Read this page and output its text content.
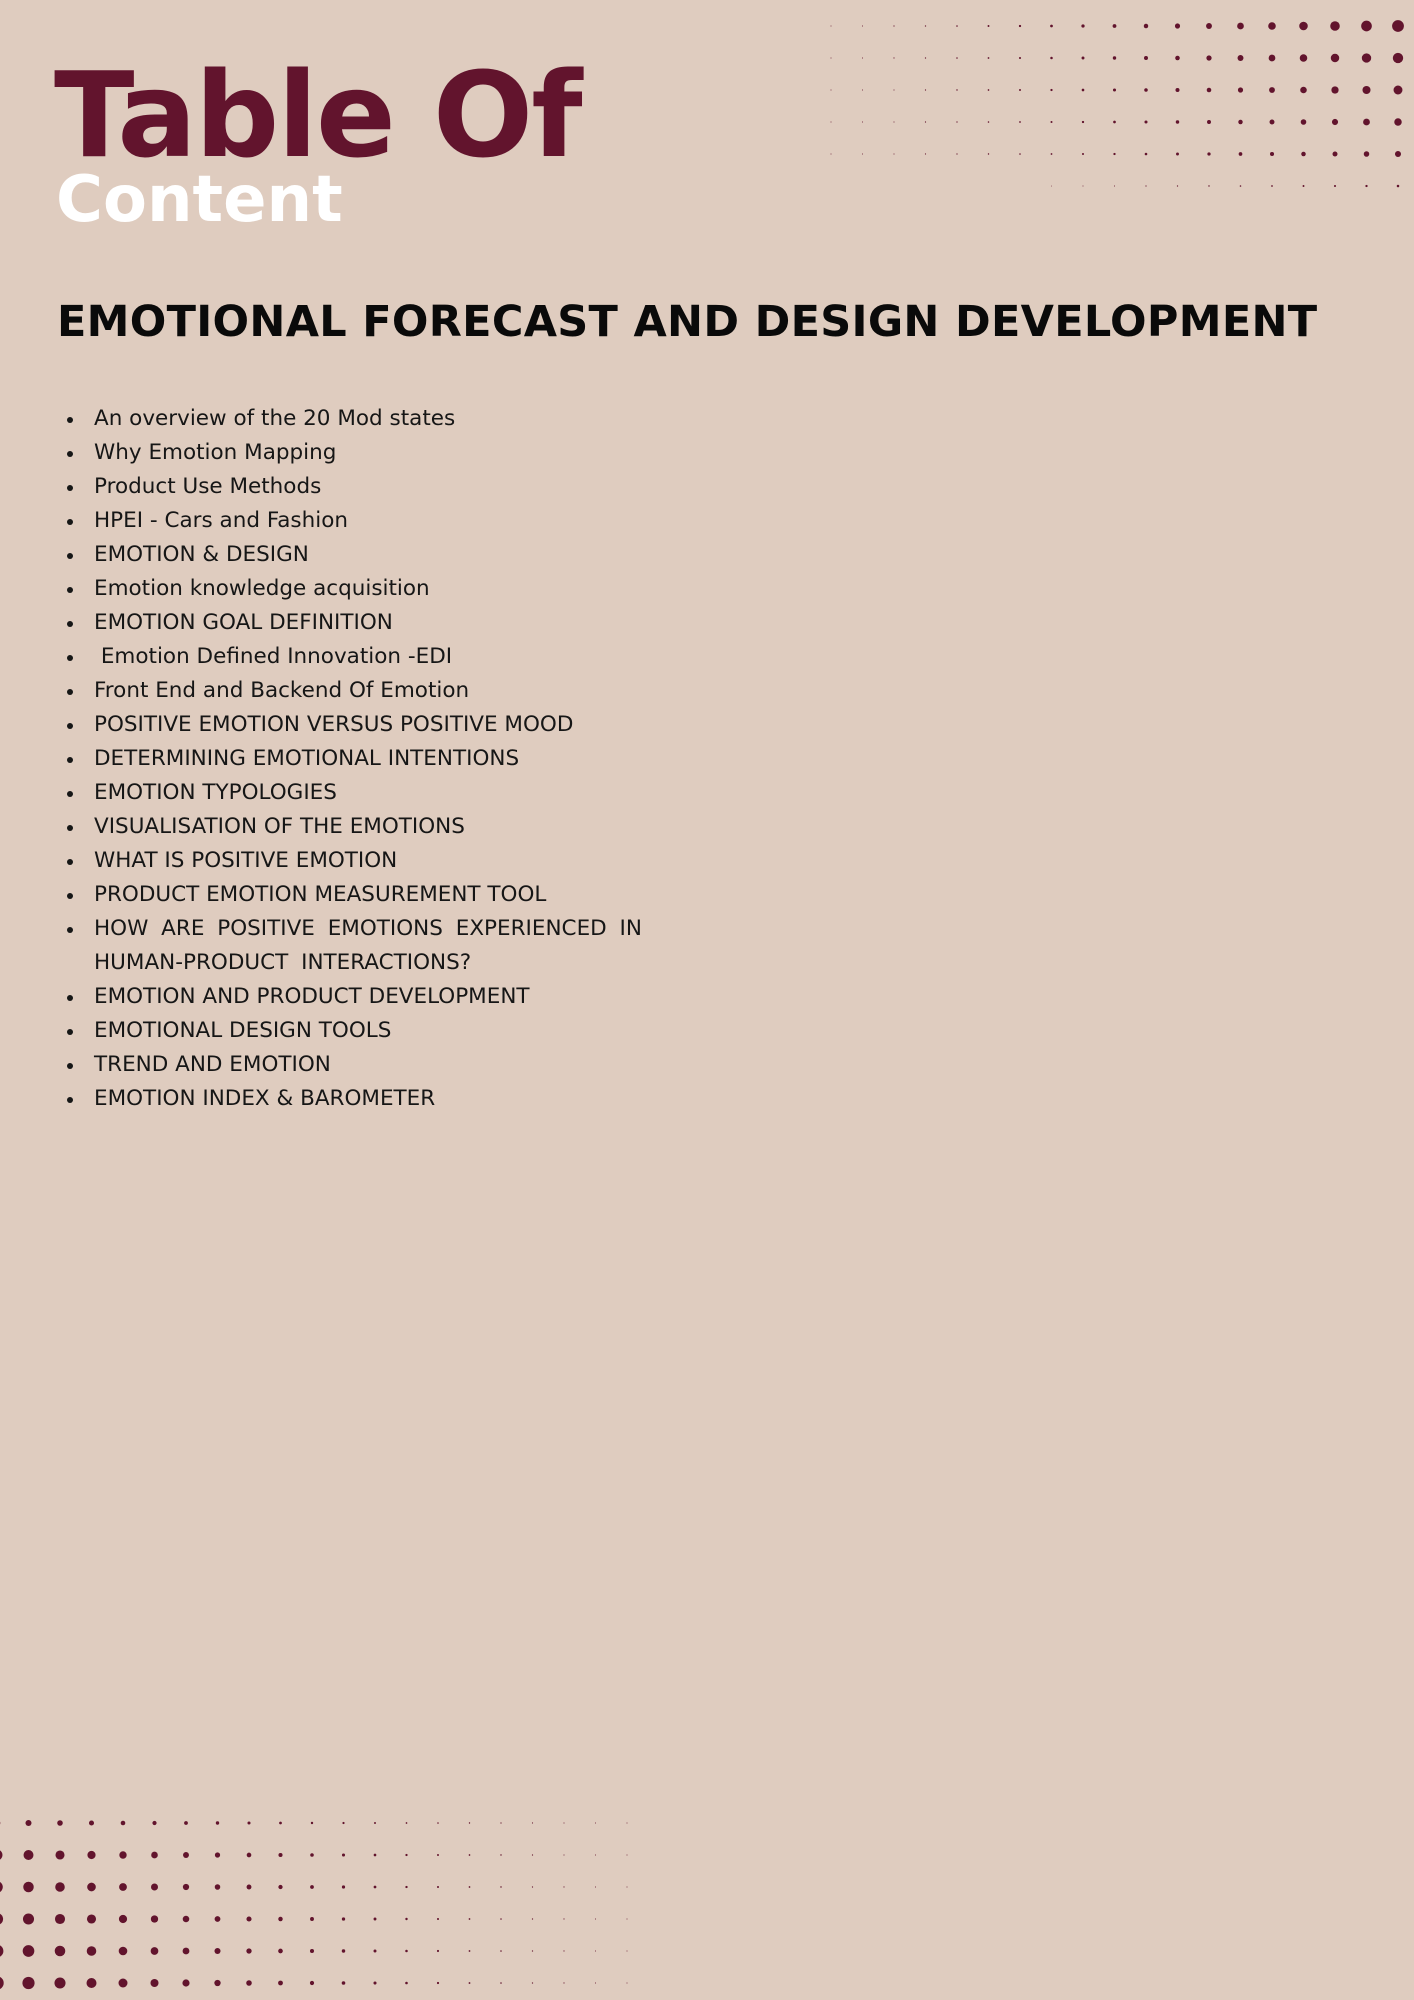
Table Of
Content
EMOTIONAL FORECAST AND DESIGN DEVELOPMENT
An overview of the 20 Mod states
Why Emotion Mapping
Product Use Methods
HPEI - Cars and Fashion
EMOTION & DESIGN
Emotion knowledge acquisition
EMOTION GOAL DEFINITION
Emotion Defined Innovation -EDI
Front End and Backend Of Emotion
POSITIVE EMOTION VERSUS POSITIVE MOOD
DETERMINING EMOTIONAL INTENTIONS
EMOTION TYPOLOGIES
VISUALISATION OF THE EMOTIONS
WHAT IS POSITIVE EMOTION
PRODUCT EMOTION MEASUREMENT TOOL
HOW ARE POSITIVE EMOTIONS EXPERIENCED IN HUMAN-PRODUCT INTERACTIONS?
EMOTION AND PRODUCT DEVELOPMENT
EMOTIONAL DESIGN TOOLS
TREND AND EMOTION
EMOTION INDEX & BAROMETER
